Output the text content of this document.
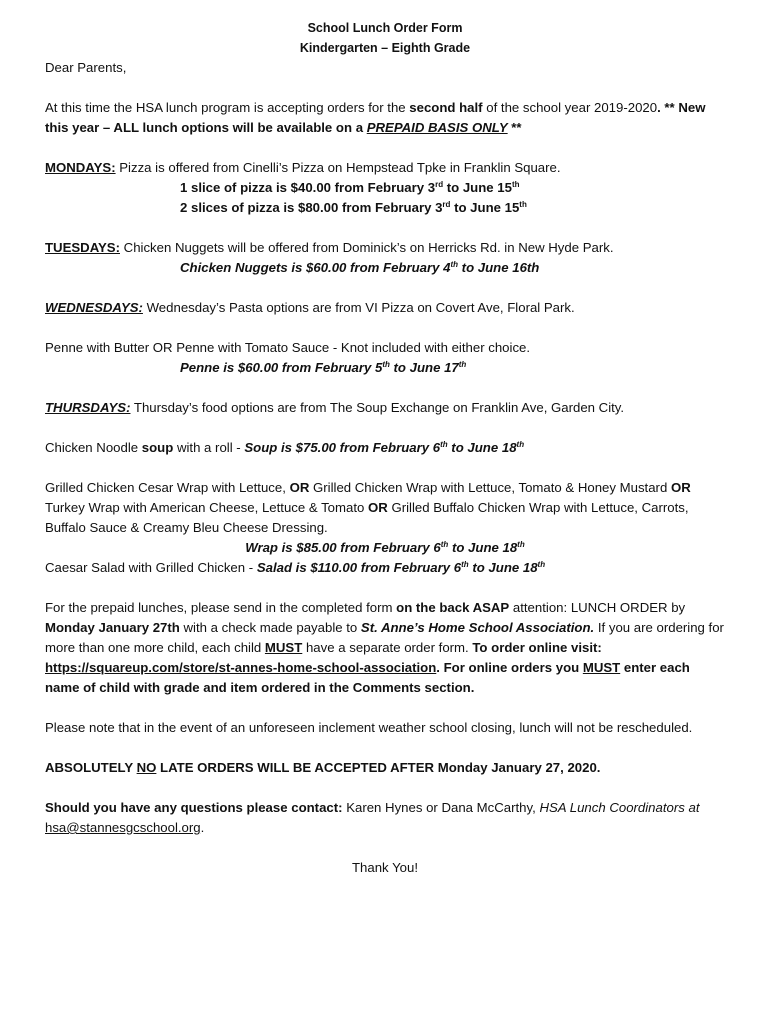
School Lunch Order Form

Kindergarten – Eighth Grade

Dear Parents,

At this time the HSA lunch program is accepting orders for the second half of the school year 2019-2020. ** New this year – ALL lunch options will be available on a PREPAID BASIS ONLY **

MONDAYS: Pizza is offered from Cinelli’s Pizza on Hempstead Tpke in Franklin Square.

1 slice of pizza is $40.00 from February 3rd to June 15th

2 slices of pizza is $80.00 from February 3rd to June 15th

TUESDAYS: Chicken Nuggets will be offered from Dominick’s on Herricks Rd. in New Hyde Park.

Chicken Nuggets is $60.00 from February 4th to June 16th

WEDNESDAYS: Wednesday’s Pasta options are from VI Pizza on Covert Ave, Floral Park.

Penne with Butter OR Penne with Tomato Sauce - Knot included with either choice.

Penne is $60.00 from February 5th to June 17th

THURSDAYS: Thursday’s food options are from The Soup Exchange on Franklin Ave, Garden City.

Chicken Noodle soup with a roll - Soup is $75.00 from February 6th to June 18th

Grilled Chicken Cesar Wrap with Lettuce, OR Grilled Chicken Wrap with Lettuce, Tomato & Honey Mustard OR Turkey Wrap with American Cheese, Lettuce & Tomato OR Grilled Buffalo Chicken Wrap with Lettuce, Carrots, Buffalo Sauce & Creamy Bleu Cheese Dressing.

Wrap is $85.00 from February 6th to June 18th

Caesar Salad with Grilled Chicken - Salad is $110.00 from February 6th to June 18th

For the prepaid lunches, please send in the completed form on the back ASAP attention: LUNCH ORDER by Monday January 27th with a check made payable to St. Anne’s Home School Association. If you are ordering for more than one more child, each child MUST have a separate order form. To order online visit: https://squareup.com/store/st-annes-home-school-association. For online orders you MUST enter each name of child with grade and item ordered in the Comments section.

Please note that in the event of an unforeseen inclement weather school closing, lunch will not be rescheduled.

ABSOLUTELY NO LATE ORDERS WILL BE ACCEPTED AFTER Monday January 27, 2020.

Should you have any questions please contact: Karen Hynes or Dana McCarthy, HSA Lunch Coordinators at hsa@stannesgcschool.org.

Thank You!
